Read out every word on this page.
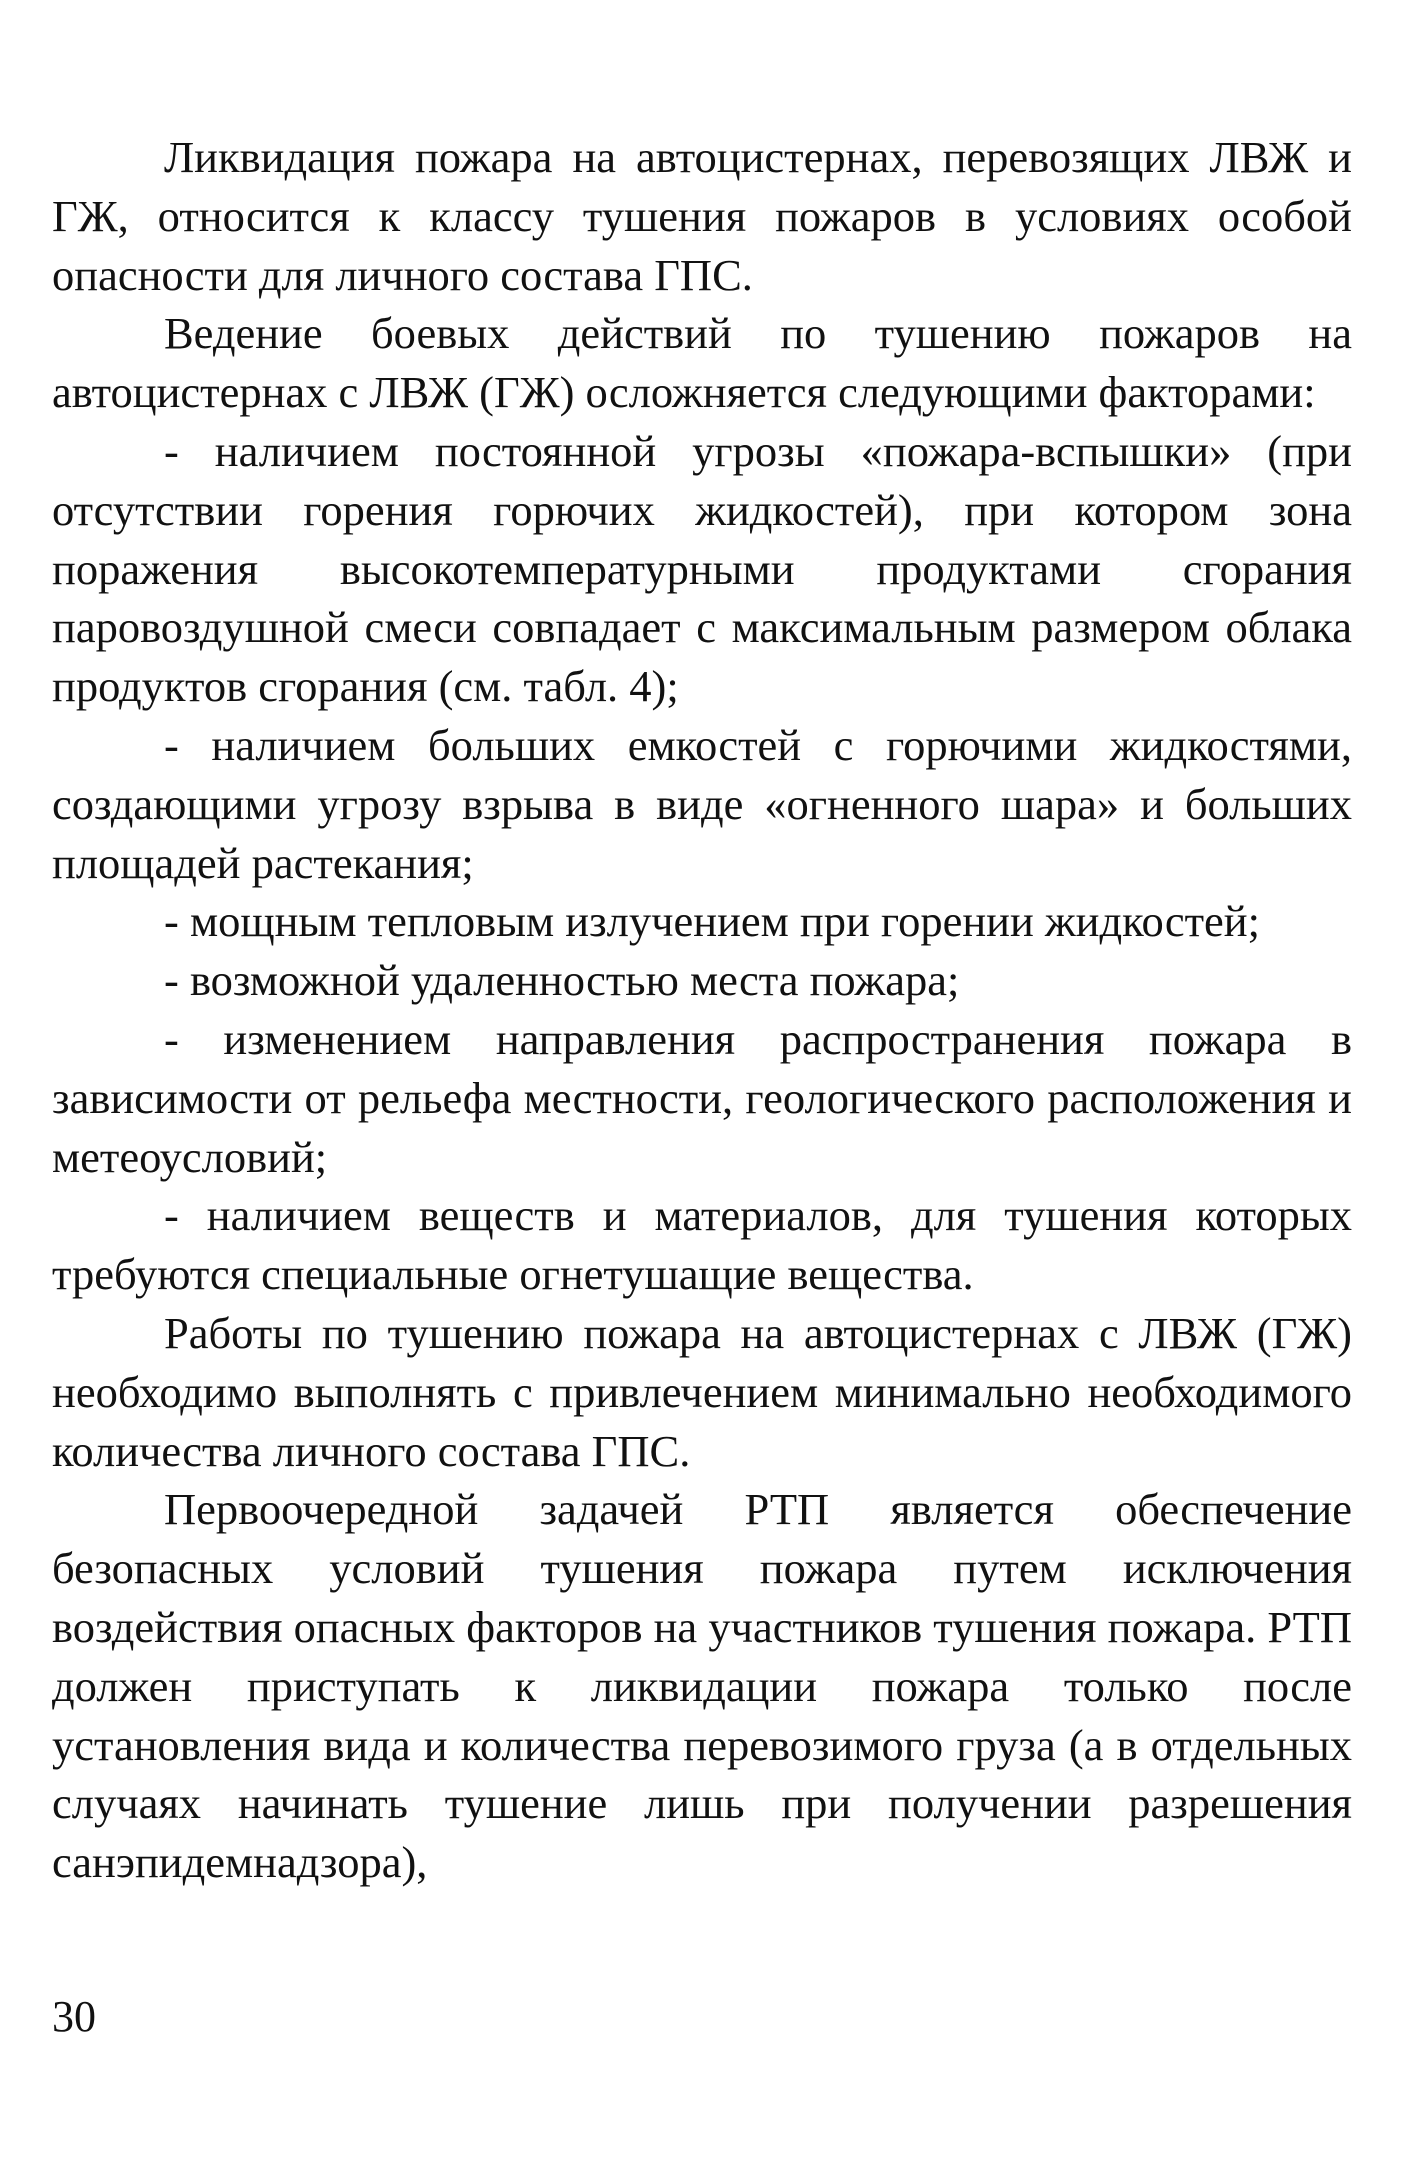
Ликвидация пожара на автоцистернах, перевозящих ЛВЖ и ГЖ, относится к классу тушения пожаров в условиях особой опасности для личного состава ГПС.

Ведение боевых действий по тушению пожаров на автоцистернах с ЛВЖ (ГЖ) осложняется следующими факторами:

- наличием постоянной угрозы «пожара-вспышки» (при отсутствии горения горючих жидкостей), при котором зона поражения высокотемпературными продуктами сгорания паровоздушной смеси совпадает с максимальным размером облака продуктов сгорания (см. табл. 4);

- наличием больших емкостей с горючими жидкостями, создающими угрозу взрыва в виде «огненного шара» и больших площадей растекания;

- мощным тепловым излучением при горении жидкостей;

- возможной удаленностью места пожара;

- изменением направления распространения пожара в зависимости от рельефа местности, геологического расположения и метеоусловий;

- наличием веществ и материалов, для тушения которых требуются специальные огнетушащие вещества.

Работы по тушению пожара на автоцистернах с ЛВЖ (ГЖ) необходимо выполнять с привлечением минимально необходимого количества личного состава ГПС.

Первоочередной задачей РТП является обеспечение безопасных условий тушения пожара путем исключения воздействия опасных факторов на участников тушения пожара. РТП должен приступать к ликвидации пожара только после установления вида и количества перевозимого груза (а в отдельных случаях начинать тушение лишь при получении разрешения санэпидемнадзора),

30
